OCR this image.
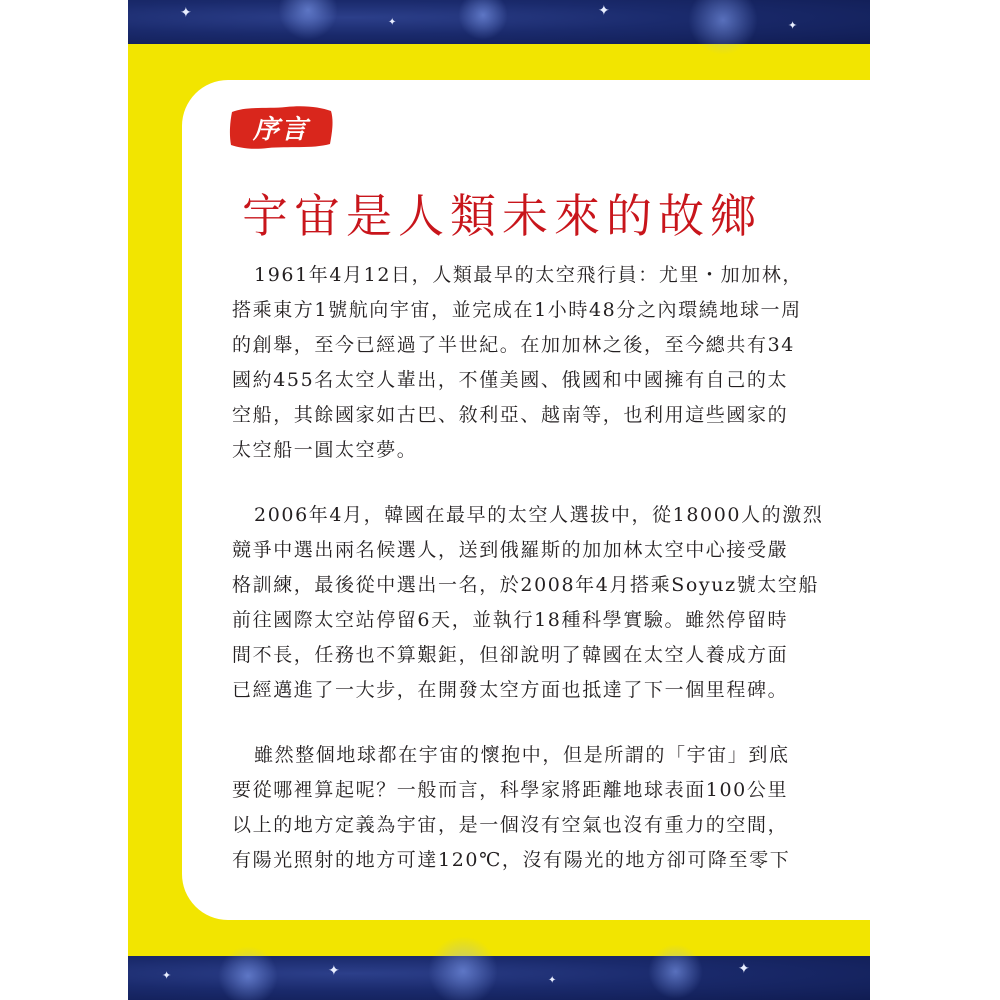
✦
✦
✦
✦
✦	✦
✦
✦
序言
宇宙是人類未來的故鄉

1961年4月12日，人類最早的太空飛行員：尤里・加加林，
搭乘東方1號航向宇宙，並完成在1小時48分之內環繞地球一周
的創舉，至今已經過了半世紀。在加加林之後，至今總共有34
國約455名太空人輩出，不僅美國、俄國和中國擁有自己的太
空船，其餘國家如古巴、敘利亞、越南等，也利用這些國家的
太空船一圓太空夢。

2006年4月，韓國在最早的太空人選拔中，從18000人的激烈
競爭中選出兩名候選人，送到俄羅斯的加加林太空中心接受嚴
格訓練，最後從中選出一名，於2008年4月搭乘Soyuz號太空船
前往國際太空站停留6天，並執行18種科學實驗。雖然停留時
間不長，任務也不算艱鉅，但卻說明了韓國在太空人養成方面
已經邁進了一大步，在開發太空方面也抵達了下一個里程碑。

雖然整個地球都在宇宙的懷抱中，但是所謂的「宇宙」到底
要從哪裡算起呢？一般而言，科學家將距離地球表面100公里
以上的地方定義為宇宙，是一個沒有空氣也沒有重力的空間，
有陽光照射的地方可達120℃，沒有陽光的地方卻可降至零下
